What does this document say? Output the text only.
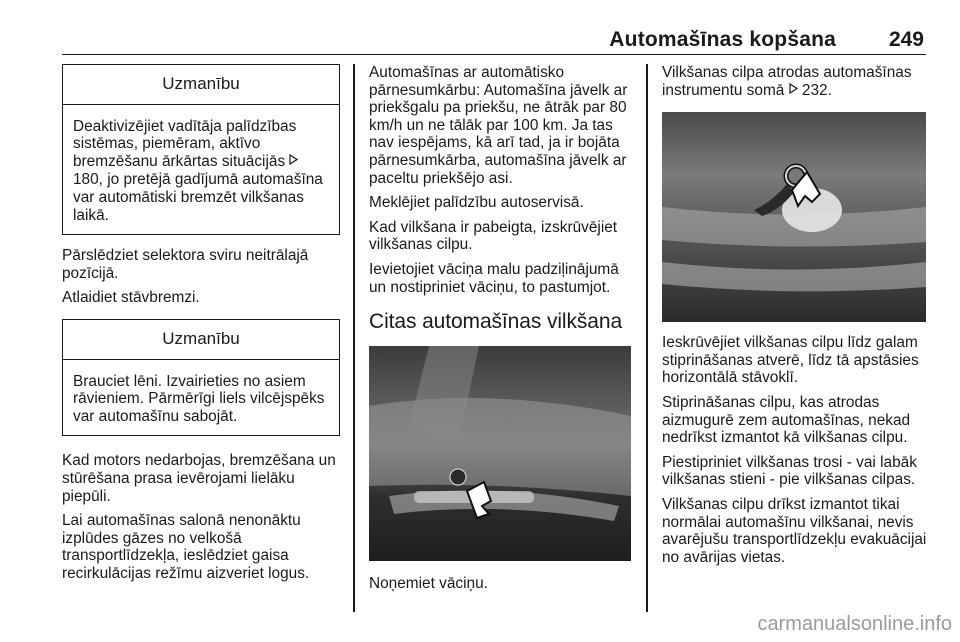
Automašīnas kopšana	249
Uzmanību
Deaktivizējiet vadītāja palīdzības sistēmas, piemēram, aktīvo bremzēšanu ārkārtas situācijās  180, jo pretējā gadījumā automašīna var automātiski bremzēt vilkšanas laikā.

Pārslēdziet selektora sviru neitrālajā pozīcijā.

Atlaidiet stāvbremzi.

Uzmanību
Brauciet lēni. Izvairieties no asiem rāvieniem. Pārmērīgi liels vilcējspēks var automašīnu sabojāt.

Kad motors nedarbojas, bremzēšana un stūrēšana prasa ievērojami lielāku piepūli.

Lai automašīnas salonā nenonāktu izplūdes gāzes no velkošā transportlīdzekļa, ieslēdziet gaisa recirkulācijas režīmu aizveriet logus.

Automašīnas ar automātisko pārnesumkārbu: Automašīna jāvelk ar priekšgalu pa priekšu, ne ātrāk par 80 km/h un ne tālāk par 100 km. Ja tas nav iespējams, kā arī tad, ja ir bojāta pārnesumkārba, automašīna jāvelk ar paceltu priekšējo asi.

Meklējiet palīdzību autoservisā.

Kad vilkšana ir pabeigta, izskrūvējiet vilkšanas cilpu.

Ievietojiet vāciņa malu padziļinājumā un nostipriniet vāciņu, to pastumjot.

Citas automašīnas vilkšana

Noņemiet vāciņu.

Vilkšanas cilpa atrodas automašīnas instrumentu somā 232.

Ieskrūvējiet vilkšanas cilpu līdz galam stiprināšanas atverē, līdz tā apstāsies horizontālā stāvoklī.

Stiprināšanas cilpu, kas atrodas aizmugurē zem automašīnas, nekad nedrīkst izmantot kā vilkšanas cilpu.

Piestipriniet vilkšanas trosi - vai labāk vilkšanas stieni - pie vilkšanas cilpas.

Vilkšanas cilpu drīkst izmantot tikai normālai automašīnu vilkšanai, nevis avarējušu transportlīdzekļu evakuācijai no avārijas vietas.

carmanualsonline.info
